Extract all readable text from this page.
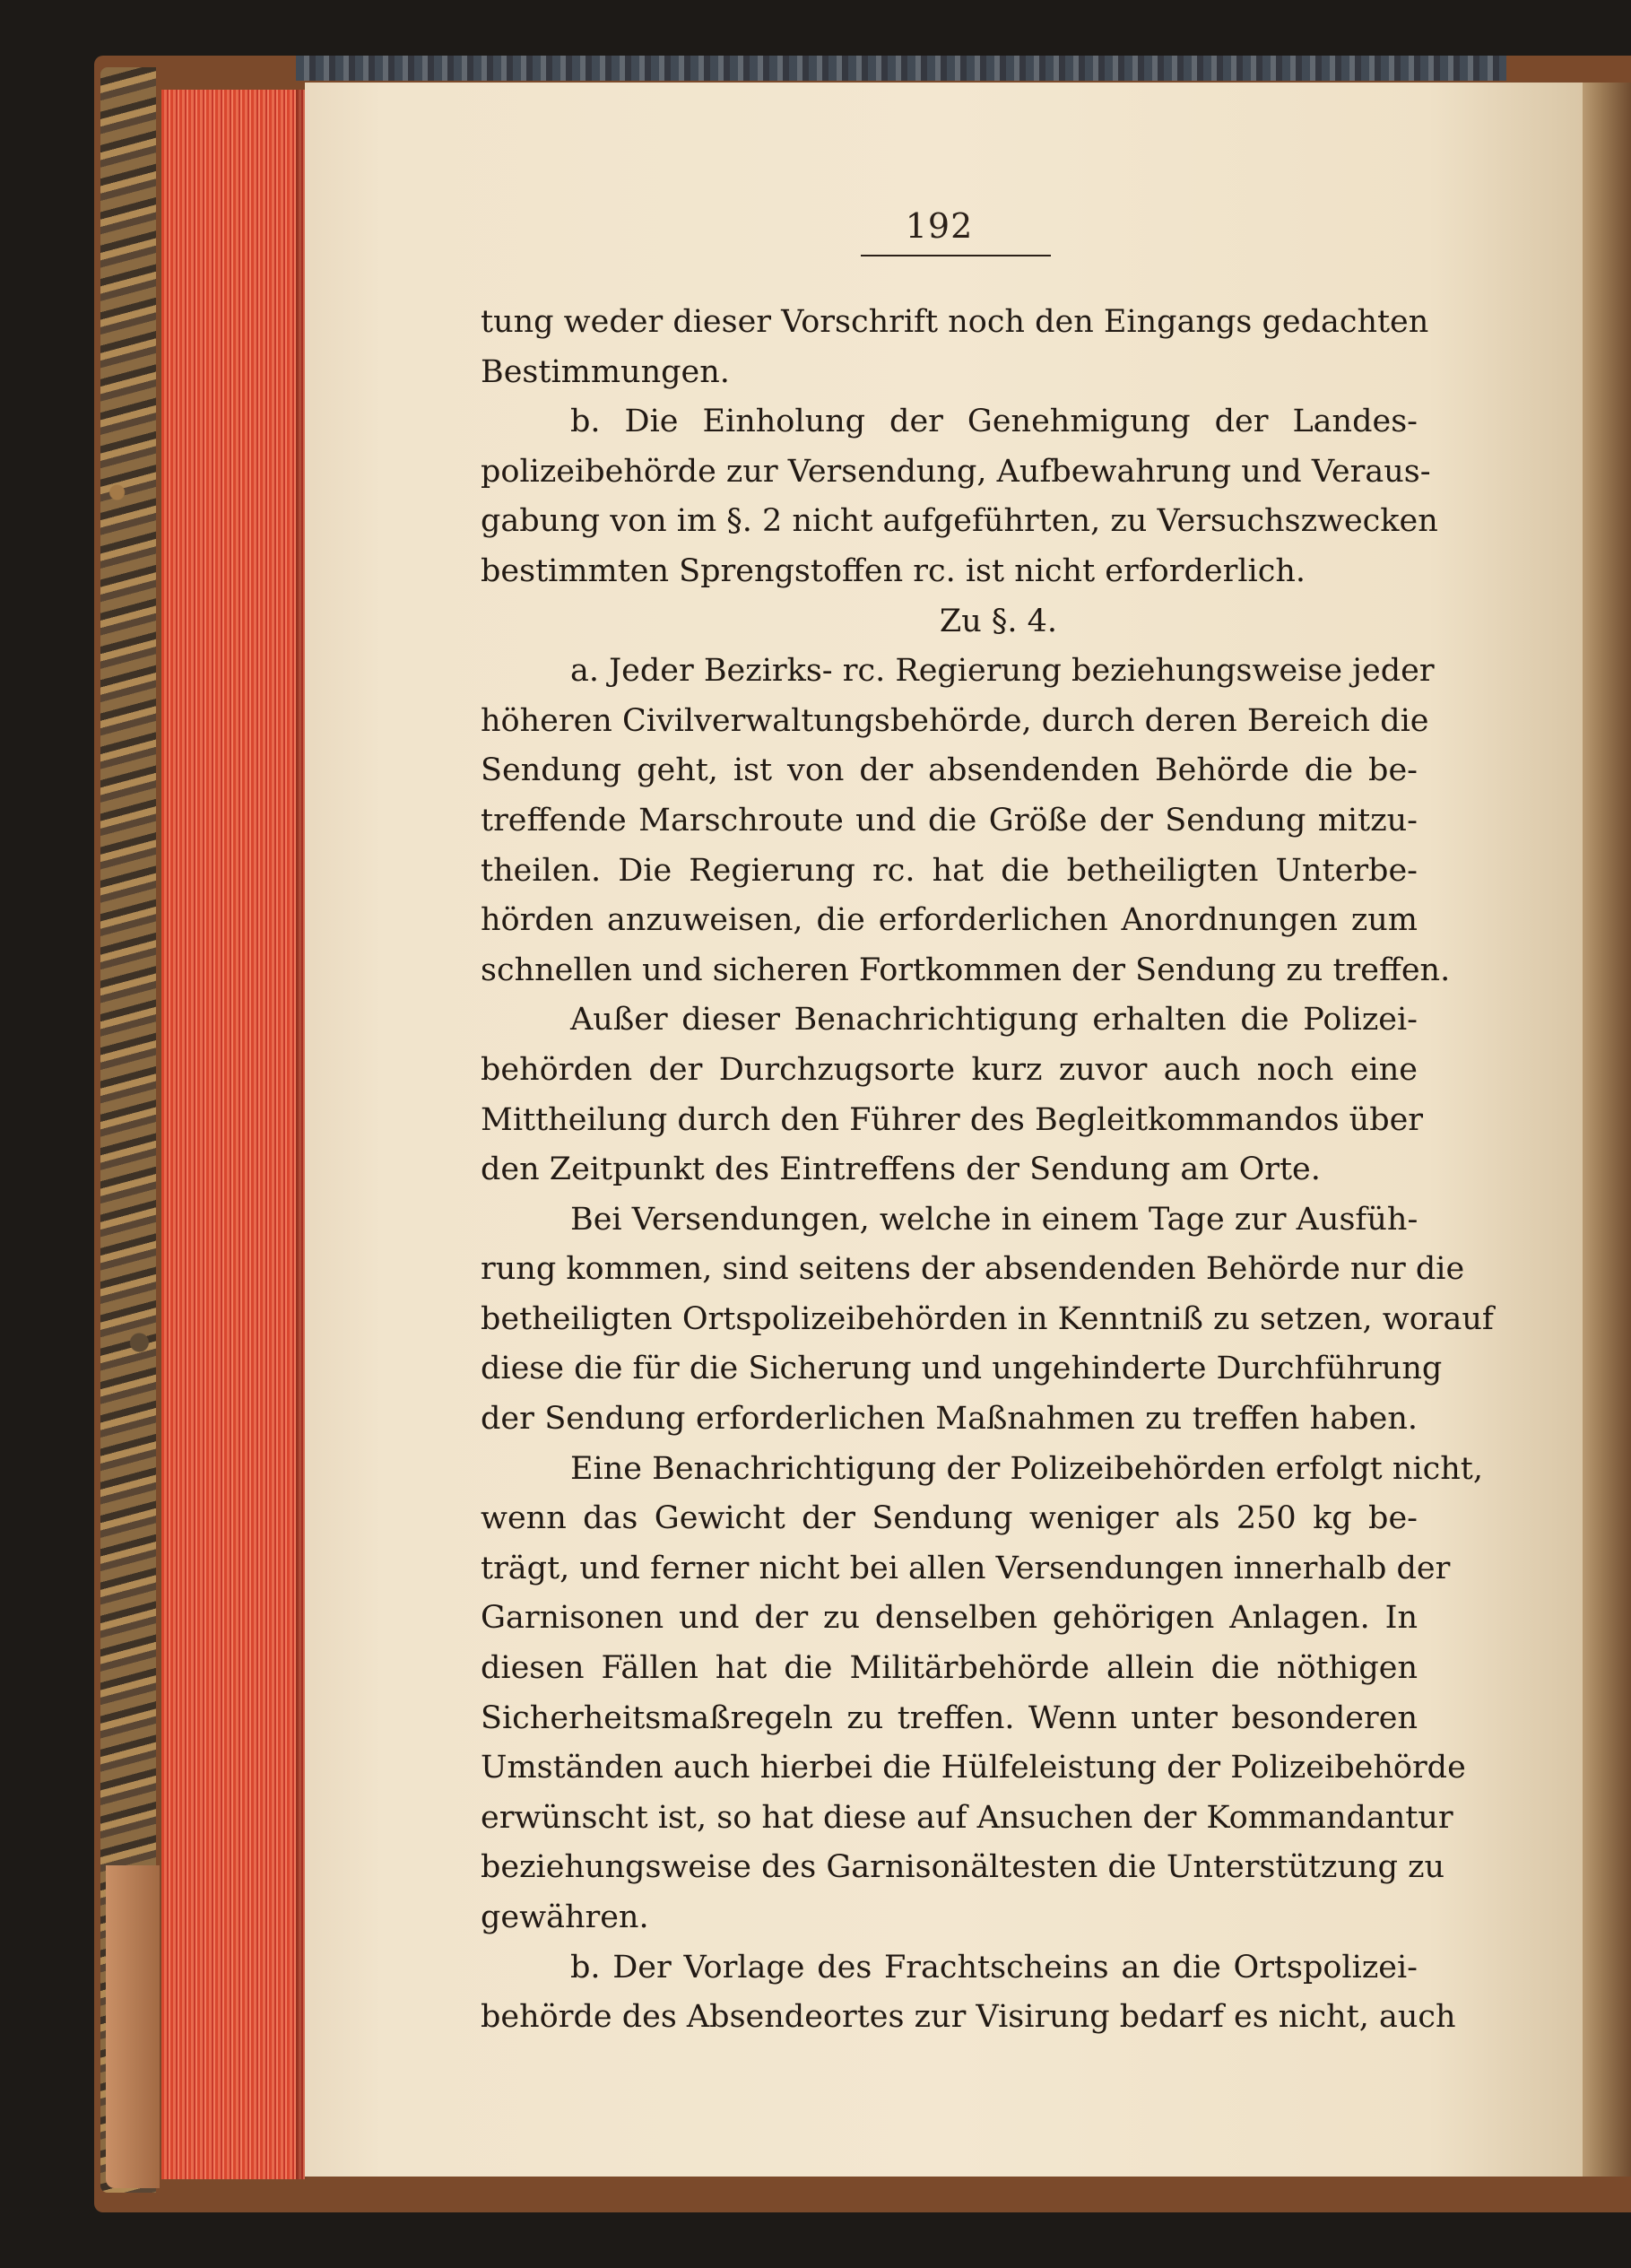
192
tung weder dieser Vorschrift noch den Eingangs gedachten
Bestimmungen.
b. Die Einholung der Genehmigung der Landes-
polizeibehörde zur Versendung, Aufbewahrung und Veraus-
gabung von im §. 2 nicht aufgeführten, zu Versuchszwecken
bestimmten Sprengstoffen rc. ist nicht erforderlich.
Zu §. 4.
a. Jeder Bezirks- rc. Regierung beziehungsweise jeder
höheren Civilverwaltungsbehörde, durch deren Bereich die
Sendung geht, ist von der absendenden Behörde die be-
treffende Marschroute und die Größe der Sendung mitzu-
theilen. Die Regierung rc. hat die betheiligten Unterbe-
hörden anzuweisen, die erforderlichen Anordnungen zum
schnellen und sicheren Fortkommen der Sendung zu treffen.
Außer dieser Benachrichtigung erhalten die Polizei-
behörden der Durchzugsorte kurz zuvor auch noch eine
Mittheilung durch den Führer des Begleitkommandos über
den Zeitpunkt des Eintreffens der Sendung am Orte.
Bei Versendungen, welche in einem Tage zur Ausfüh-
rung kommen, sind seitens der absendenden Behörde nur die
betheiligten Ortspolizeibehörden in Kenntniß zu setzen, worauf
diese die für die Sicherung und ungehinderte Durchführung
der Sendung erforderlichen Maßnahmen zu treffen haben.
Eine Benachrichtigung der Polizeibehörden erfolgt nicht,
wenn das Gewicht der Sendung weniger als 250 kg be-
trägt, und ferner nicht bei allen Versendungen innerhalb der
Garnisonen und der zu denselben gehörigen Anlagen. In
diesen Fällen hat die Militärbehörde allein die nöthigen
Sicherheitsmaßregeln zu treffen. Wenn unter besonderen
Umständen auch hierbei die Hülfeleistung der Polizeibehörde
erwünscht ist, so hat diese auf Ansuchen der Kommandantur
beziehungsweise des Garnisonältesten die Unterstützung zu
gewähren.
b. Der Vorlage des Frachtscheins an die Ortspolizei-
behörde des Absendeortes zur Visirung bedarf es nicht, auch
